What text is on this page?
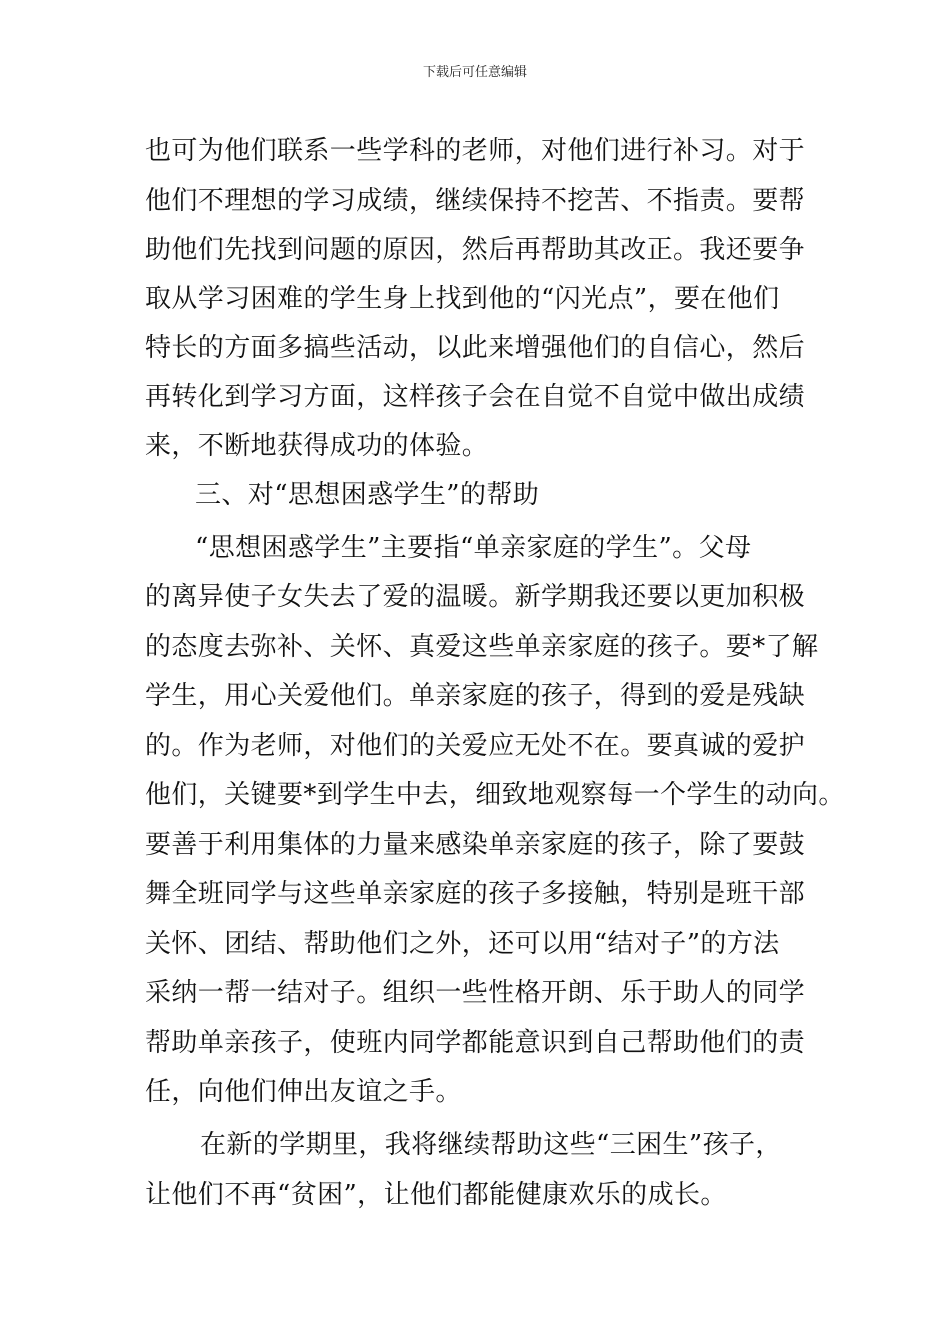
下载后可任意编辑
也可为他们联系一些学科的老师，对他们进行补习。对于
他们不理想的学习成绩，继续保持不挖苦、不指责。要帮
助他们先找到问题的原因，然后再帮助其改正。我还要争
取从学习困难的学生身上找到他的“闪光点”，要在他们
特长的方面多搞些活动，以此来增强他们的自信心，然后
再转化到学习方面，这样孩子会在自觉不自觉中做出成绩
来，不断地获得成功的体验。
三、对“思想困惑学生”的帮助
“思想困惑学生”主要指“单亲家庭的学生”。父母
的离异使子女失去了爱的温暖。新学期我还要以更加积极
的态度去弥补、关怀、真爱这些单亲家庭的孩子。要*了解
学生，用心关爱他们。单亲家庭的孩子，得到的爱是残缺
的。作为老师，对他们的关爱应无处不在。要真诚的爱护
他们，关键要*到学生中去，细致地观察每一个学生的动向。
要善于利用集体的力量来感染单亲家庭的孩子，除了要鼓
舞全班同学与这些单亲家庭的孩子多接触，特别是班干部
关怀、团结、帮助他们之外，还可以用“结对子”的方法
采纳一帮一结对子。组织一些性格开朗、乐于助人的同学
帮助单亲孩子，使班内同学都能意识到自己帮助他们的责
任，向他们伸出友谊之手。
在新的学期里，我将继续帮助这些“三困生”孩子，
让他们不再“贫困”，让他们都能健康欢乐的成长。
